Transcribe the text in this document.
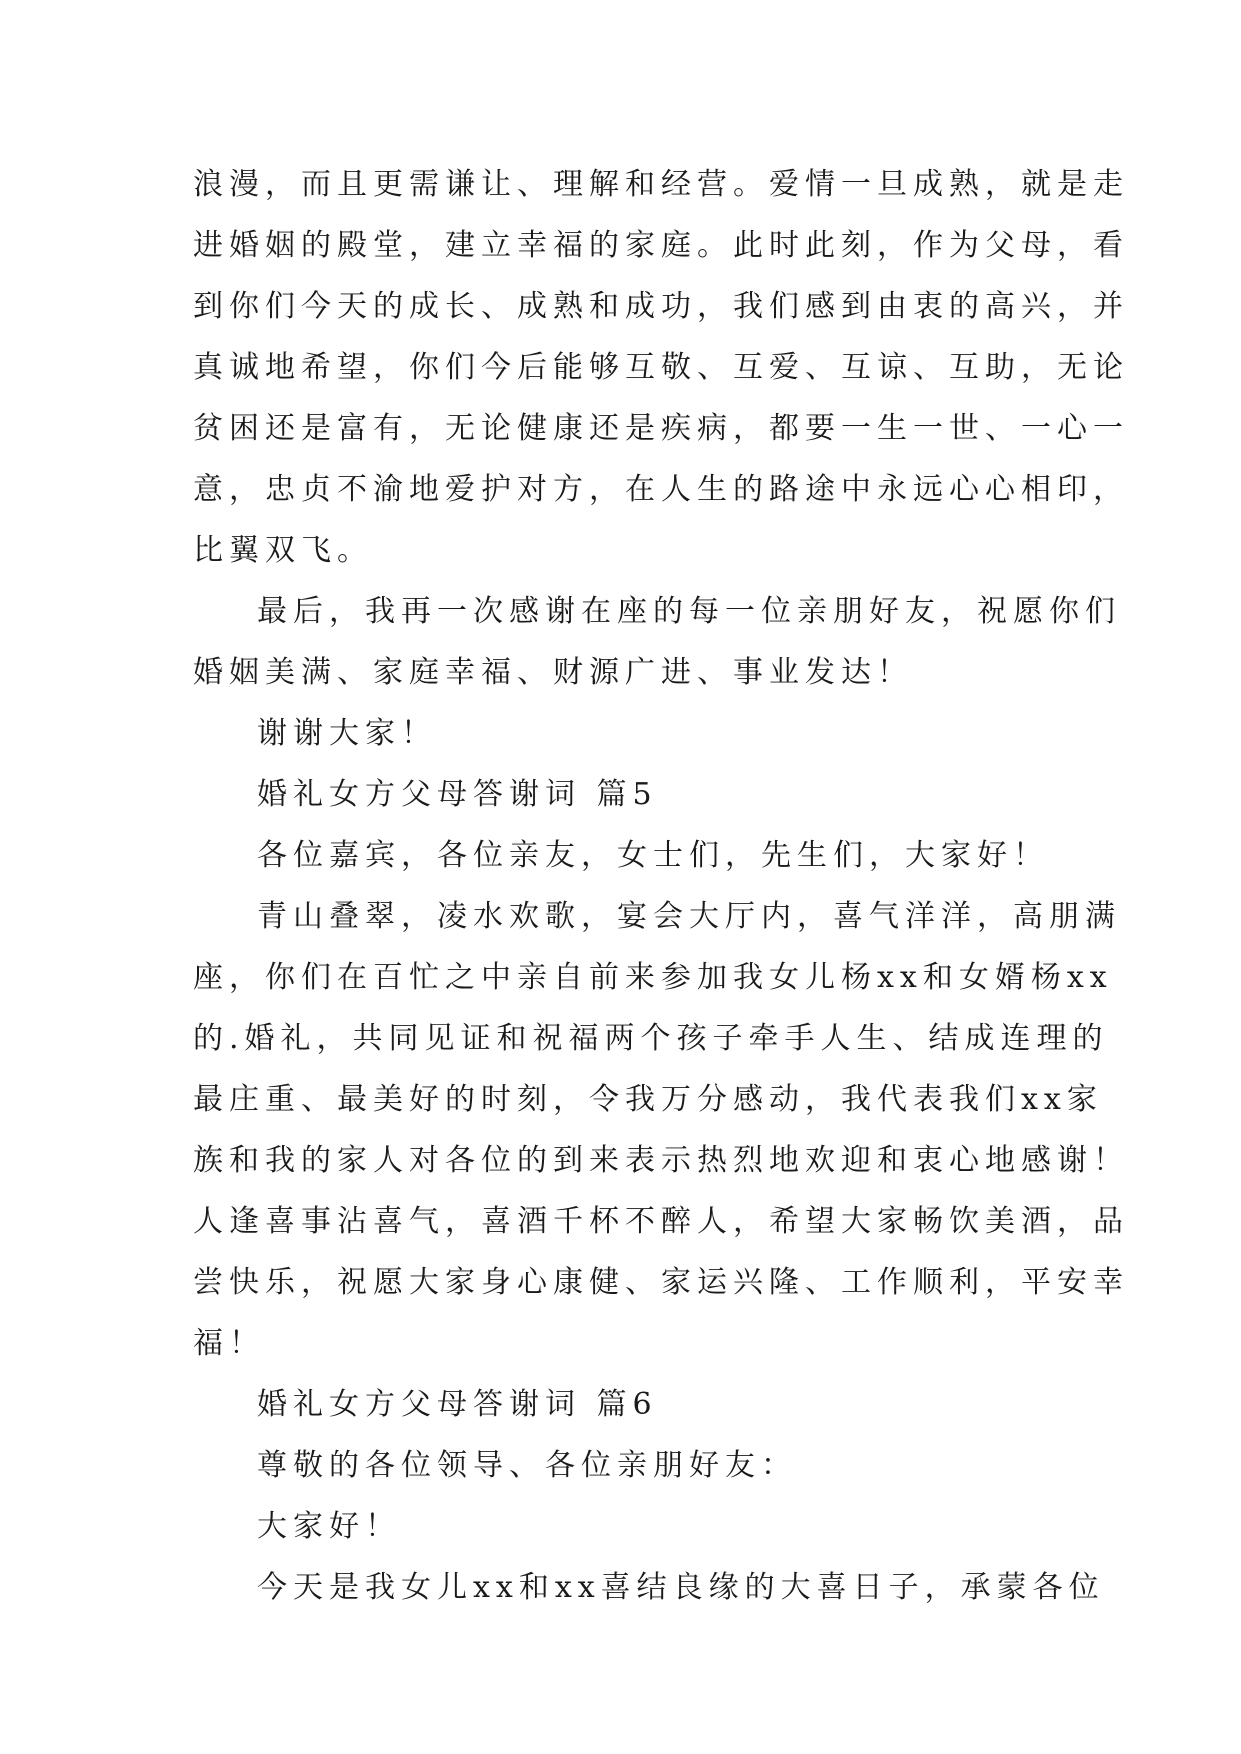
浪漫，而且更需谦让、理解和经营。爱情一旦成熟，就是走
进婚姻的殿堂，建立幸福的家庭。此时此刻，作为父母，看
到你们今天的成长、成熟和成功，我们感到由衷的高兴，并
真诚地希望，你们今后能够互敬、互爱、互谅、互助，无论
贫困还是富有，无论健康还是疾病，都要一生一世、一心一
意，忠贞不渝地爱护对方，在人生的路途中永远心心相印，
比翼双飞。
最后，我再一次感谢在座的每一位亲朋好友，祝愿你们
婚姻美满、家庭幸福、财源广进、事业发达！
谢谢大家！
婚礼女方父母答谢词 篇5
各位嘉宾，各位亲友，女士们，先生们，大家好！
青山叠翠，凌水欢歌，宴会大厅内，喜气洋洋，高朋满
座，你们在百忙之中亲自前来参加我女儿杨xx和女婿杨xx
的.婚礼，共同见证和祝福两个孩子牵手人生、结成连理的
最庄重、最美好的时刻，令我万分感动，我代表我们xx家
族和我的家人对各位的到来表示热烈地欢迎和衷心地感谢！
人逢喜事沾喜气，喜酒千杯不醉人，希望大家畅饮美酒，品
尝快乐，祝愿大家身心康健、家运兴隆、工作顺利，平安幸
福！
婚礼女方父母答谢词 篇6
尊敬的各位领导、各位亲朋好友：
大家好！
今天是我女儿xx和xx喜结良缘的大喜日子，承蒙各位
